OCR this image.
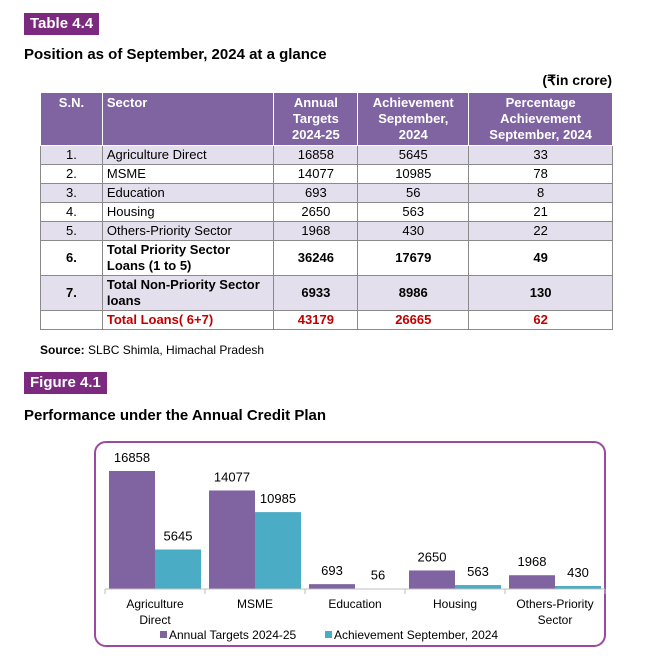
Table 4.4
Position as of September, 2024 at a glance
(₹in crore)
S.N.	Sector	Annual Targets 2024-25	Achievement September, 2024	Percentage Achievement September, 2024
1.	Agriculture Direct	16858	5645	33
2.	MSME	14077	10985	78
3.	Education	693	56	8
4.	Housing	2650	563	21
5.	Others-Priority Sector	1968	430	22
6.	Total Priority Sector Loans (1 to 5)	36246	17679	49
7.	Total Non-Priority Sector loans	6933	8986	130
	Total Loans( 6+7)	43179	26665	62
Source: SLBC Shimla, Himachal Pradesh
Figure 4.1
Performance under the Annual Credit Plan
16858
14077
693
2650	1968
5645
10985
56	563	430
Agriculture Direct
MSME	Education	Housing	Others-Priority Sector
Annual Targets 2024-25	Achievement September, 2024
